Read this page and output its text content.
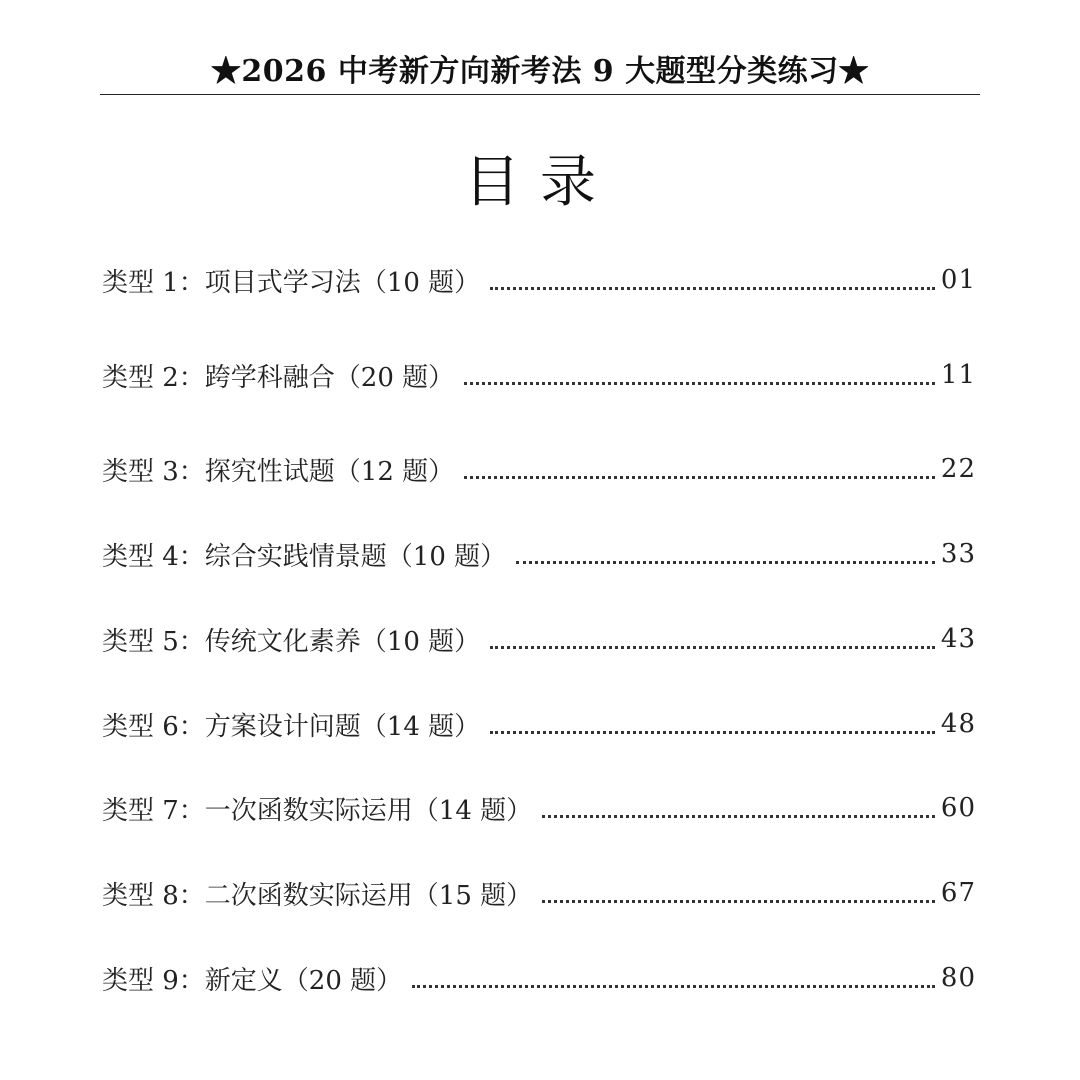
★2026 中考新方向新考法 9 大题型分类练习★
目录
类型 1：项目式学习法（10 题）	01
类型 2：跨学科融合（20 题）	11
类型 3：探究性试题（12 题）	22
类型 4：综合实践情景题（10 题）	33
类型 5：传统文化素养（10 题）	43
类型 6：方案设计问题（14 题）	48
类型 7：一次函数实际运用（14 题）	60
类型 8：二次函数实际运用（15 题）	67
类型 9：新定义（20 题）	80
